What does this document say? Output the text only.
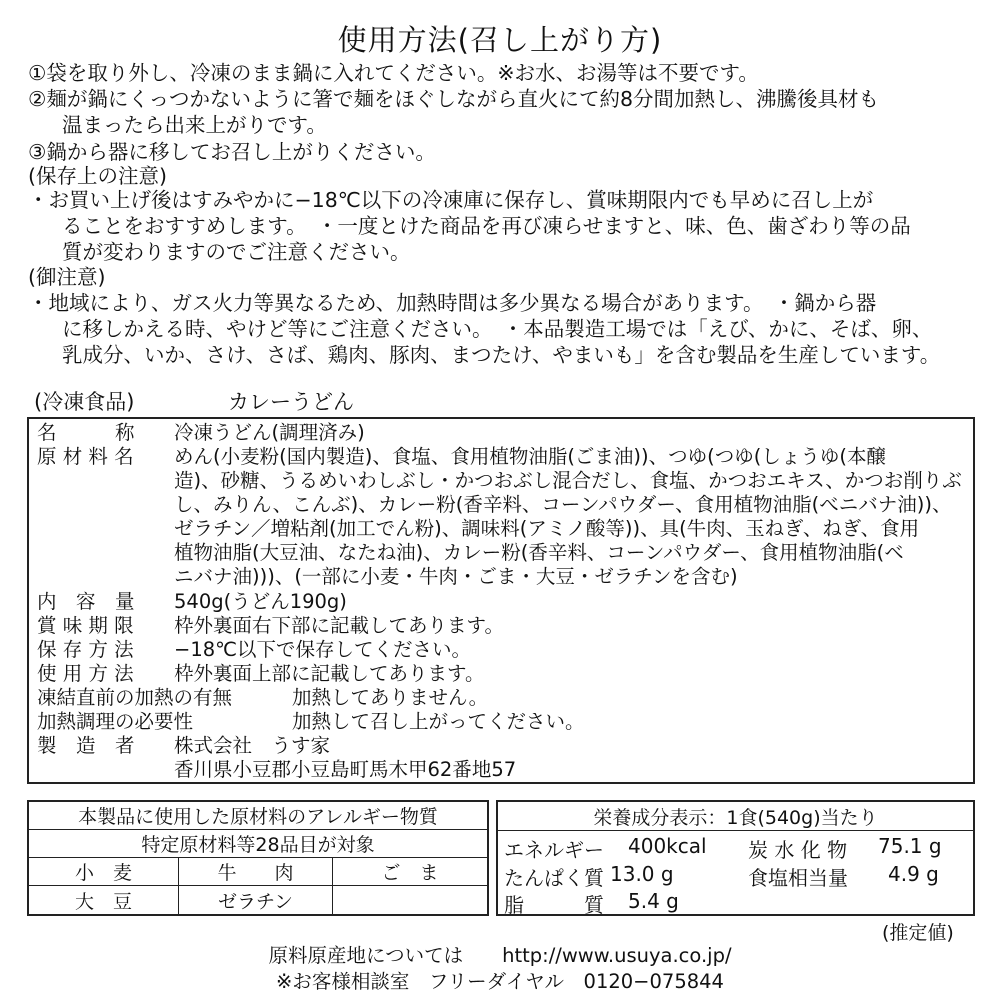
使用方法(召し上がり方)
①袋を取り外し、冷凍のまま鍋に入れてください。※お水、お湯等は不要です。
②麺が鍋にくっつかないように箸で麺をほぐしながら直火にて約8分間加熱し、沸騰後具材も
温まったら出来上がりです。
③鍋から器に移してお召し上がりください。
(保存上の注意)
・お買い上げ後はすみやかに−18℃以下の冷凍庫に保存し、賞味期限内でも早めに召し上が
ることをおすすめします。　・一度とけた商品を再び凍らせますと、味、色、歯ざわり等の品
質が変わりますのでご注意ください。
(御注意)
・地域により、ガス火力等異なるため、加熱時間は多少異なる場合があります。　・鍋から器
に移しかえる時、やけど等にご注意ください。　・本品製造工場では「えび、かに、そば、卵、
乳成分、いか、さけ、さば、鶏肉、豚肉、まつたけ、やまいも」を含む製品を生産しています。
(冷凍食品)	カレーうどん
名　　　称 冷凍うどん(調理済み)
原 材 料 名 めん(小麦粉(国内製造)、食塩、食用植物油脂(ごま油))、つゆ(つゆ(しょうゆ(本醸
造)、砂糖、うるめいわしぶし・かつおぶし混合だし、食塩、かつおエキス、かつお削りぶ
し、みりん、こんぶ)、カレー粉(香辛料、コーンパウダー、食用植物油脂(べニバナ油))、
ゼラチン／増粘剤(加工でん粉)、調味料(アミノ酸等))、具(牛肉、玉ねぎ、ねぎ、食用
植物油脂(大豆油、なたね油)、カレー粉(香辛料、コーンパウダー、食用植物油脂(ベ
ニバナ油)))、(一部に小麦・牛肉・ごま・大豆・ゼラチンを含む)
内　容　量 540g(うどん190g)
賞 味 期 限 枠外裏面右下部に記載してあります。
保 存 方 法 −18℃以下で保存してください。
使 用 方 法 枠外裏面上部に記載してあります。
凍結直前の加熱の有無	加熱してありません。
加熱調理の必要性	加熱して召し上がってください。
製　造　者 株式会社　うす家
香川県小豆郡小豆島町馬木甲62番地57
本製品に使用した原材料のアレルギー物質
特定原材料等28品目が対象
小　麦	牛　　肉	ご　ま
大　豆	ゼラチン
栄養成分表示：1食(540g)当たり
エネルギー 400kcal 炭 水 化 物 75.1 g
たんぱく質 13.0 g	食塩相当量 4.9 g
脂　　　質 5.4 g
(推定値)
原料原産地については　　 http://www.usuya.co.jp/
※お客様相談室　 フリーダイヤル　 0120−075844
